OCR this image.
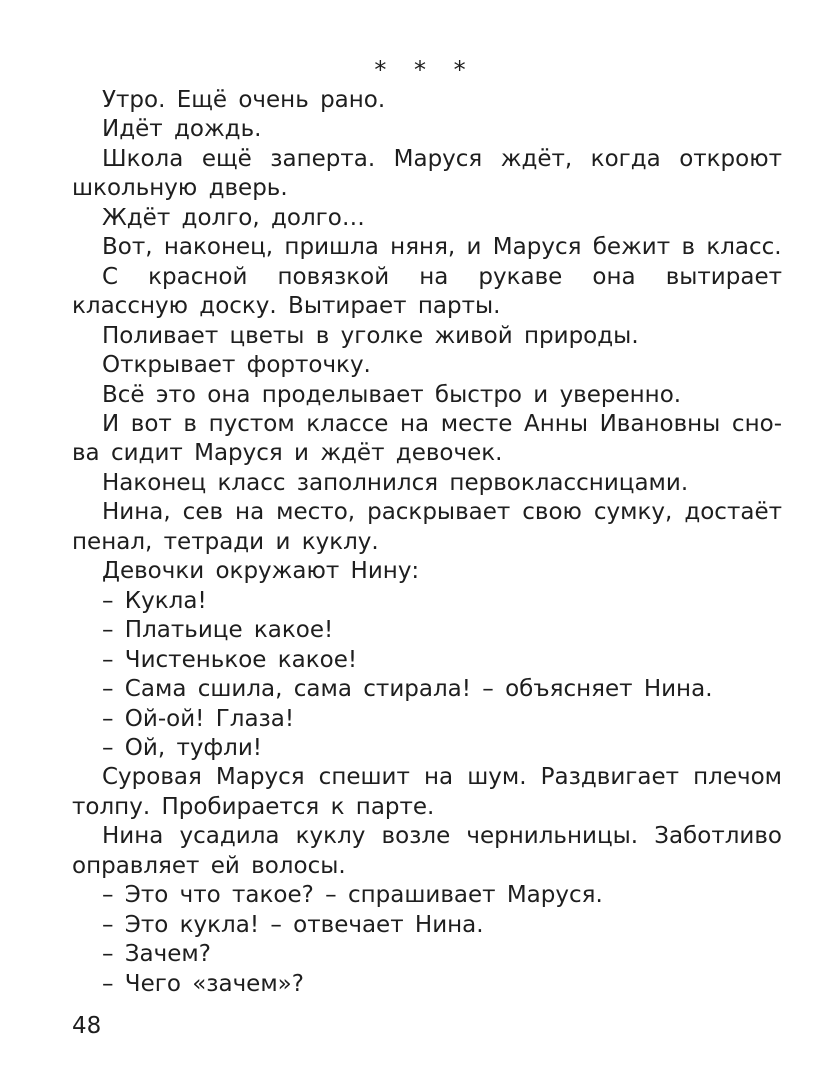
* * *

Утро. Ещё очень рано.

Идёт дождь.

Школа ещё заперта. Маруся ждёт, когда откроют школьную дверь.

Ждёт долго, долго…

Вот, наконец, пришла няня, и Маруся бежит в класс.

С красной повязкой на рукаве она вытирает классную доску. Вытирает парты.

Поливает цветы в уголке живой природы.

Открывает форточку.

Всё это она проделывает быстро и уверенно.

И вот в пустом классе на месте Анны Ивановны снова сидит Маруся и ждёт девочек.

Наконец класс заполнился первоклассницами.

Нина, сев на место, раскрывает свою сумку, достаёт пенал, тетради и куклу.

Девочки окружают Нину:

– Кукла!

– Платьице какое!

– Чистенькое какое!

– Сама сшила, сама стирала! – объясняет Нина.

– Ой-ой! Глаза!

– Ой, туфли!

Суровая Маруся спешит на шум. Раздвигает плечом толпу. Пробирается к парте.

Нина усадила куклу возле чернильницы. Заботливо оправляет ей волосы.

– Это что такое? – спрашивает Маруся.

– Это кукла! – отвечает Нина.

– Зачем?

– Чего «зачем»?

48
